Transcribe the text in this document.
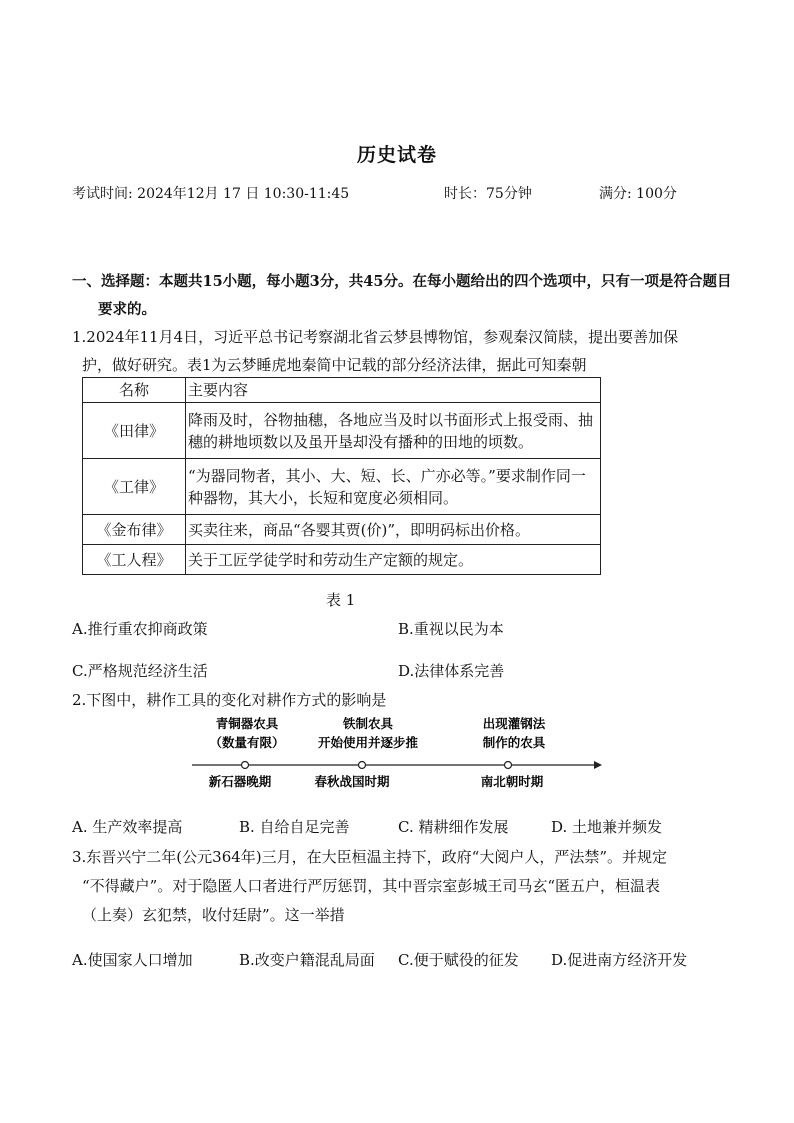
历史试卷
考试时间: 2024年12月 17 日 10:30-11:45	时长：75分钟	满分: 100分
一、选择题：本题共15小题，每小题3分，共45分。在每小题给出的四个选项中，只有一项是符合题目要求的。
1.2024年11月4日，习近平总书记考察湖北省云梦县博物馆，参观秦汉简牍，提出要善加保
护，做好研究。表1为云梦睡虎地秦简中记载的部分经济法律，据此可知秦朝
名称	主要内容
《田律》	降雨及时，谷物抽穗，各地应当及时以书面形式上报受雨、抽穗的耕地顷数以及虽开垦却没有播种的田地的顷数。
《工律》	“为器同物者，其小、大、短、长、广亦必等。”要求制作同一种器物，其大小，长短和宽度必须相同。
《金布律》	买卖往来，商品“各婴其贾(价)”，即明码标出价格。
《工人程》	关于工匠学徒学时和劳动生产定额的规定。
表 1
A.推行重农抑商政策	B.重视以民为本
C.严格规范经济生活	D.法律体系完善
2.下图中，耕作工具的变化对耕作方式的影响是
青铜器农具
（数量有限）
铁制农具
开始使用并逐步推
出现灌钢法
制作的农具
新石器晚期	春秋战国时期	南北朝时期
A. 生产效率提高	B. 自给自足完善	C. 精耕细作发展	D. 土地兼并频发
3.东晋兴宁二年(公元364年)三月，在大臣桓温主持下，政府“大阅户人，严法禁”。并规定
“不得藏户”。对于隐匿人口者进行严厉惩罚，其中晋宗室彭城王司马玄“匿五户，桓温表
（上奏）玄犯禁，收付廷尉”。这一举措
A.使国家人口增加	B.改变户籍混乱局面 C.便于赋役的征发 D.促进南方经济开发
